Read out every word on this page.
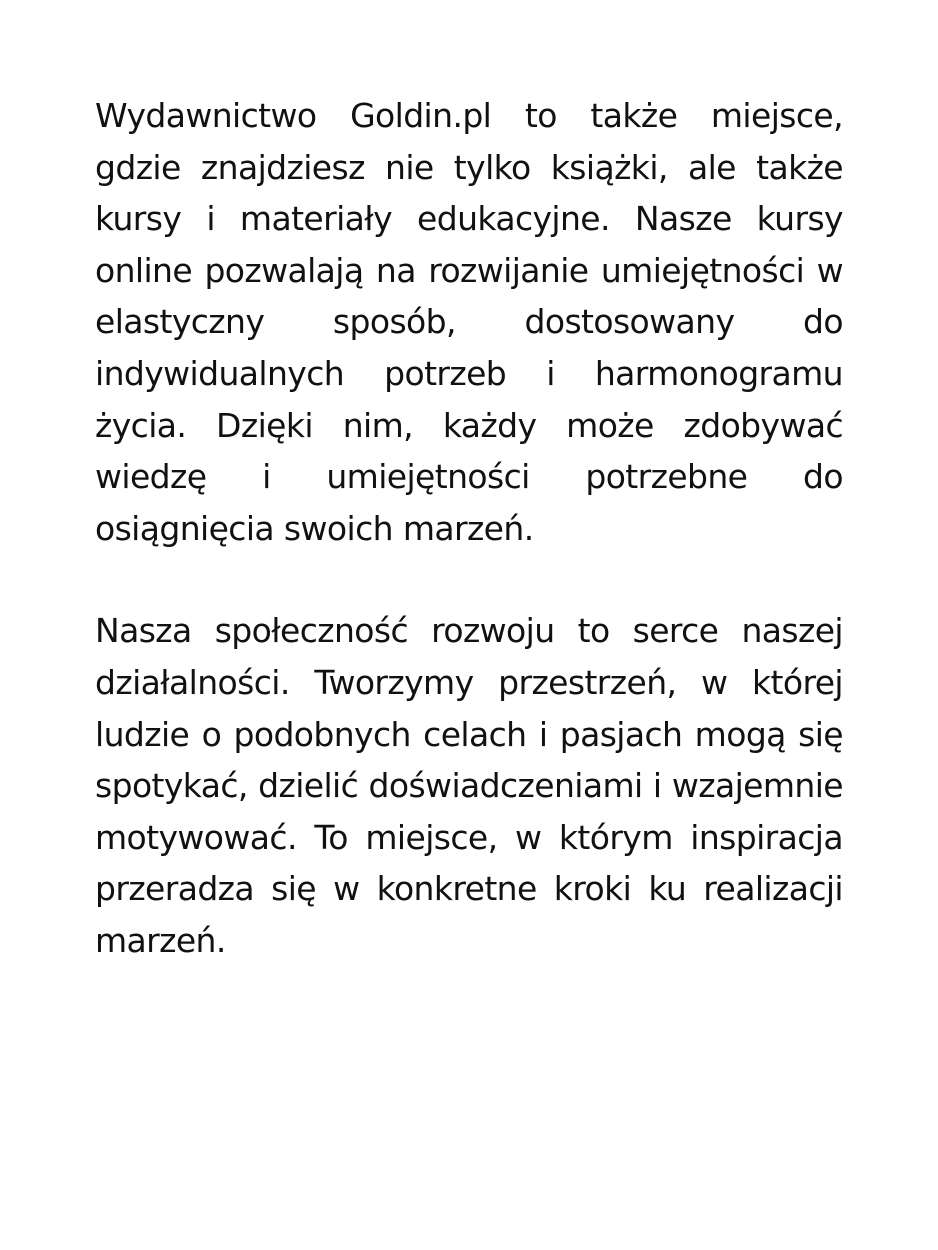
Wydawnictwo Goldin.pl to także miejsce, gdzie znajdziesz nie tylko książki, ale także kursy i materiały edukacyjne. Nasze kursy online pozwalają na rozwijanie umiejętności w elastyczny sposób, dostosowany do indywidualnych potrzeb i harmonogramu życia. Dzięki nim, każdy może zdobywać wiedzę i umiejętności potrzebne do osiągnięcia swoich marzeń.

Nasza społeczność rozwoju to serce naszej działalności. Tworzymy przestrzeń, w której ludzie o podobnych celach i pasjach mogą się spotykać, dzielić doświadczeniami i wzajemnie motywować. To miejsce, w którym inspiracja przeradza się w konkretne kroki ku realizacji marzeń.
